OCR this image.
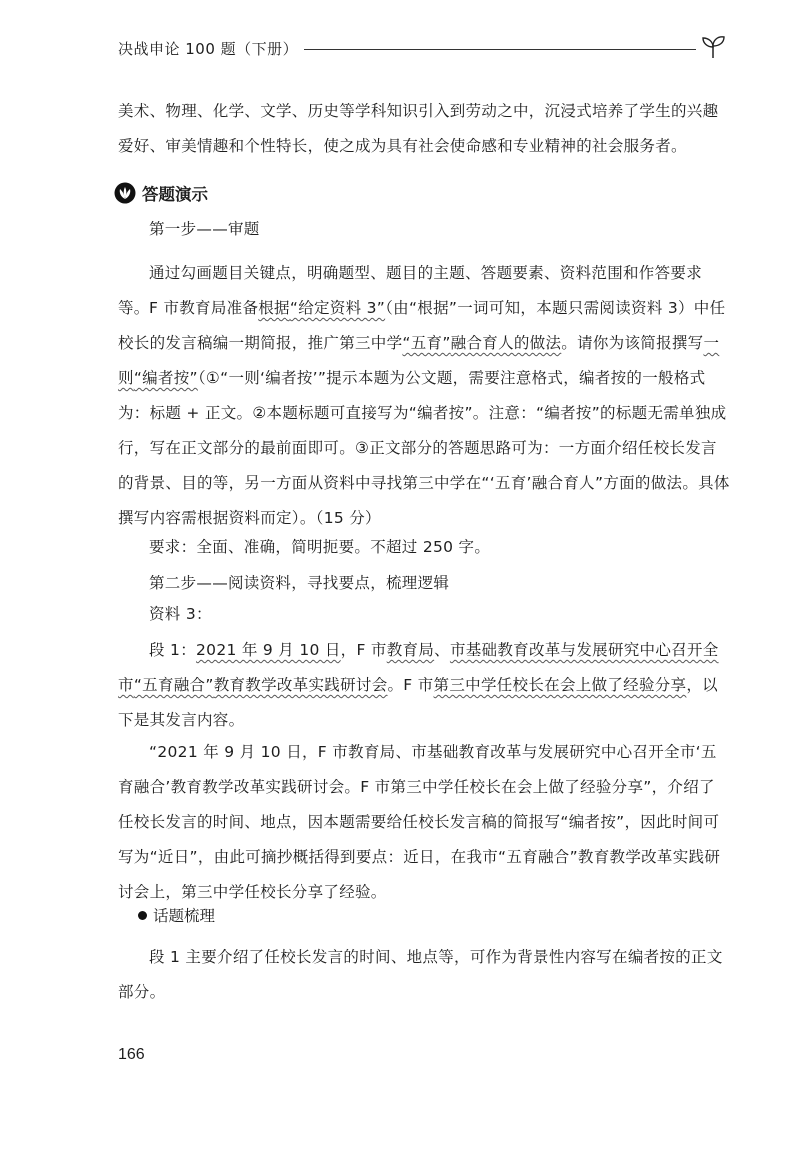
决战申论 100 题（下册）

美术、物理、化学、文学、历史等学科知识引入到劳动之中，沉浸式培养了学生的兴趣爱好、审美情趣和个性特长，使之成为具有社会使命感和专业精神的社会服务者。

答题演示

第一步——审题

通过勾画题目关键点，明确题型、题目的主题、答题要素、资料范围和作答要求等。 F 市教育局准备根据“给定资料 3”（由“根据”一词可知，本题只需阅读资料 3）中任校长的发言稿编一期简报，推广第三中学“五育”融合育人的做法。请你为该简报撰写一则“编者按”（①“一则‘编者按’”提示本题为公文题，需要注意格式，编者按的一般格式为：标题 + 正文。②本题标题可直接写为“编者按”。注意：“编者按”的标题无需单独成行，写在正文部分的最前面即可。③正文部分的答题思路可为：一方面介绍任校长发言的背景、目的等，另一方面从资料中寻找第三中学在“‘五育’融合育人”方面的做法。具体撰写内容需根据资料而定）。（15 分）

要求：全面、准确，简明扼要。不超过 250 字。

第二步——阅读资料，寻找要点，梳理逻辑

资料 3：

段 1：2021 年 9 月 10 日，F 市教育局、市基础教育改革与发展研究中心召开全市“五育融合”教育教学改革实践研讨会。F 市第三中学任校长在会上做了经验分享，以下是其发言内容。

“2021 年 9 月 10 日，F 市教育局、市基础教育改革与发展研究中心召开全市‘五育融合’教育教学改革实践研讨会。F 市第三中学任校长在会上做了经验分享”，介绍了任校长发言的时间、地点，因本题需要给任校长发言稿的简报写“编者按”，因此时间可写为“近日”，由此可摘抄概括得到要点：近日，在我市“五育融合”教育教学改革实践研讨会上，第三中学任校长分享了经验。

话题梳理

段 1 主要介绍了任校长发言的时间、地点等，可作为背景性内容写在编者按的正文部分。

166
